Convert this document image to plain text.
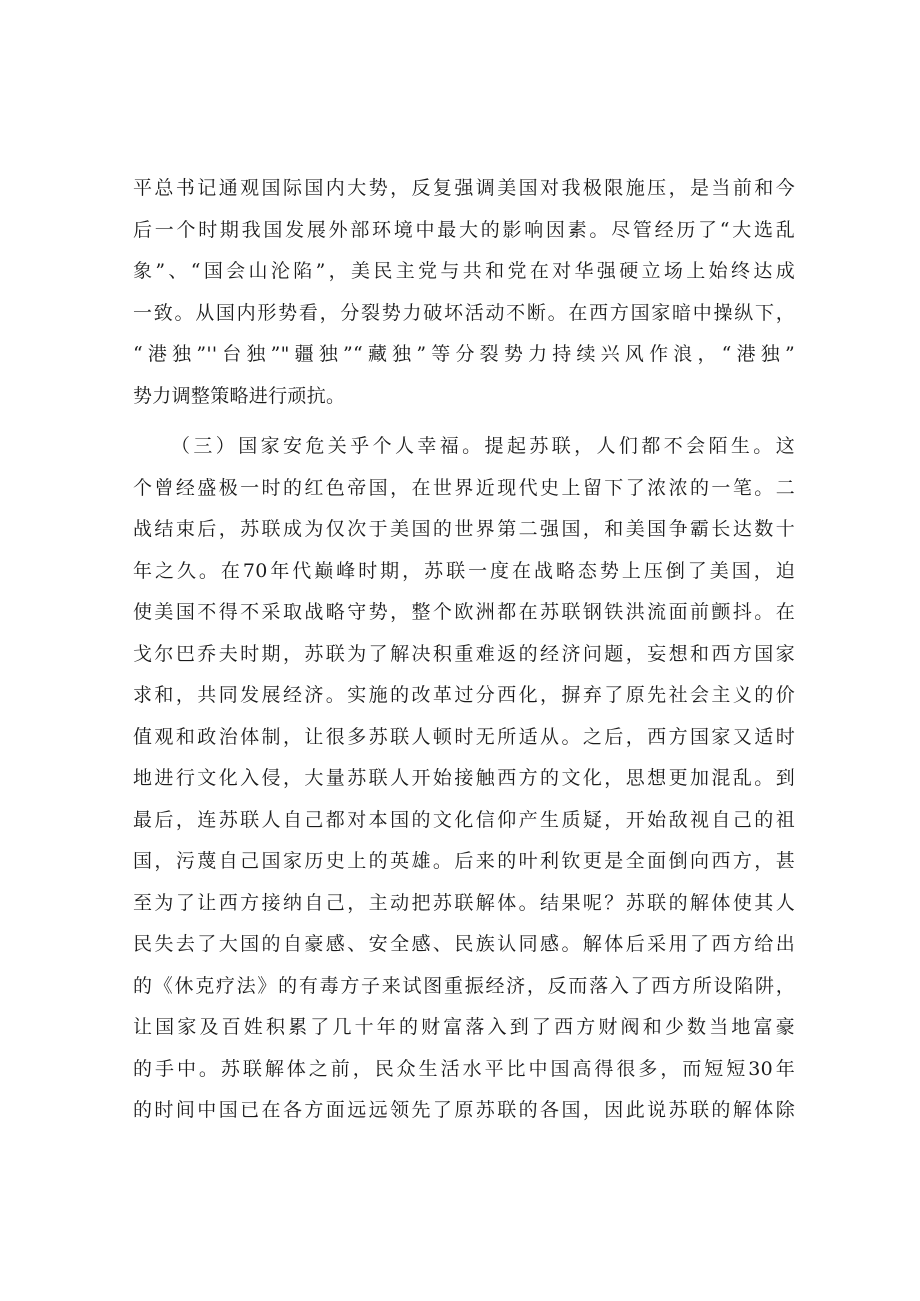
平总书记通观国际国内大势，反复强调美国对我极限施压，是当前和今
后一个时期我国发展外部环境中最大的影响因素。尽管经历了“大选乱
象”、“国会山沦陷”，美民主党与共和党在对华强硬立场上始终达成
一致。从国内形势看，分裂势力破坏活动不断。在西方国家暗中操纵下，
“港独”''台独”"疆独”“藏独”等分裂势力持续兴风作浪，“港独”
势力调整策略进行顽抗。
（三）国家安危关乎个人幸福。提起苏联，人们都不会陌生。这
个曾经盛极一时的红色帝国，在世界近现代史上留下了浓浓的一笔。二
战结束后，苏联成为仅次于美国的世界第二强国，和美国争霸长达数十
年之久。在70年代巅峰时期，苏联一度在战略态势上压倒了美国，迫
使美国不得不采取战略守势，整个欧洲都在苏联钢铁洪流面前颤抖。在
戈尔巴乔夫时期，苏联为了解决积重难返的经济问题，妄想和西方国家
求和，共同发展经济。实施的改革过分西化，摒弃了原先社会主义的价
值观和政治体制，让很多苏联人顿时无所适从。之后，西方国家又适时
地进行文化入侵，大量苏联人开始接触西方的文化，思想更加混乱。到
最后，连苏联人自己都对本国的文化信仰产生质疑，开始敌视自己的祖
国，污蔑自己国家历史上的英雄。后来的叶利钦更是全面倒向西方，甚
至为了让西方接纳自己，主动把苏联解体。结果呢？苏联的解体使其人
民失去了大国的自豪感、安全感、民族认同感。解体后采用了西方给出
的《休克疗法》的有毒方子来试图重振经济，反而落入了西方所设陷阱，
让国家及百姓积累了几十年的财富落入到了西方财阀和少数当地富豪
的手中。苏联解体之前，民众生活水平比中国高得很多，而短短30年
的时间中国已在各方面远远领先了原苏联的各国，因此说苏联的解体除
